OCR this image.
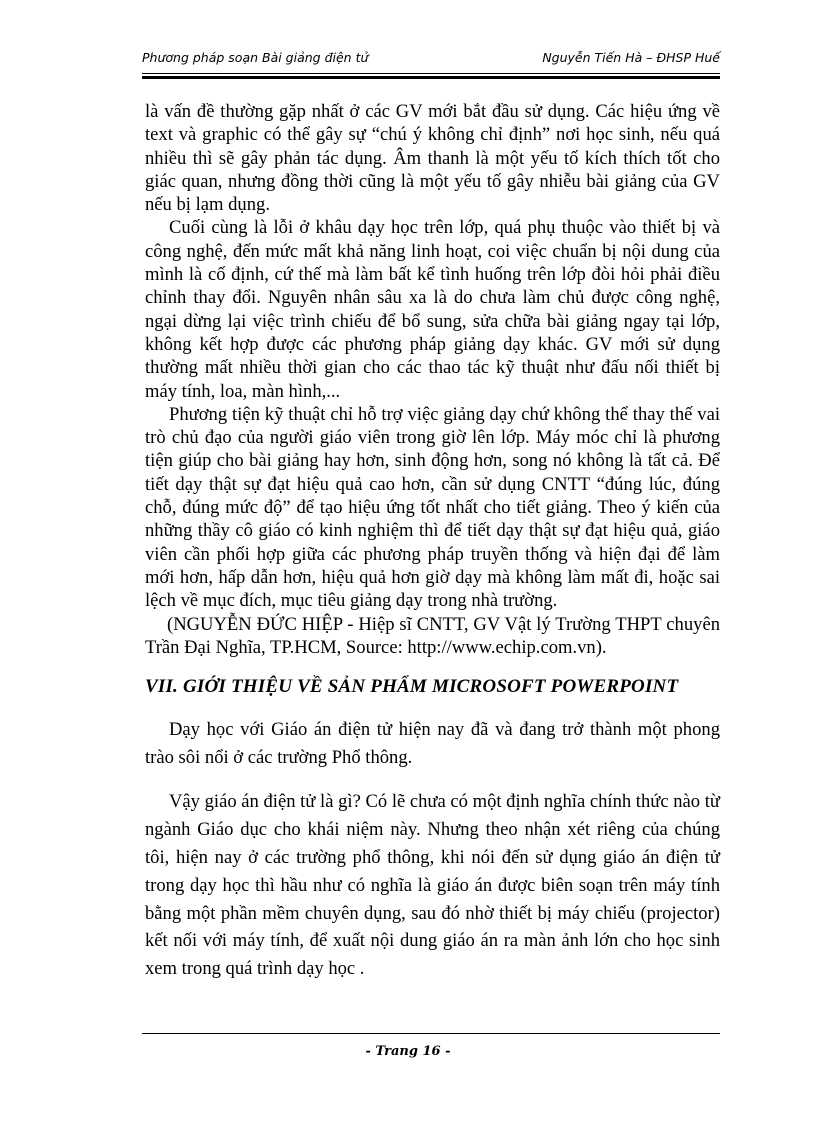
Phương pháp soạn Bài giảng điện tử	Nguyễn Tiến Hà – ĐHSP Huế

là vấn đề thường gặp nhất ở các GV mới bắt đầu sử dụng. Các hiệu ứng về text và graphic có thể gây sự “chú ý không chỉ định” nơi học sinh, nếu quá nhiều thì sẽ gây phản tác dụng. Âm thanh là một yếu tố kích thích tốt cho giác quan, nhưng đồng thời cũng là một yếu tố gây nhiễu bài giảng của GV nếu bị lạm dụng.

Cuối cùng là lỗi ở khâu dạy học trên lớp, quá phụ thuộc vào thiết bị và công nghệ, đến mức mất khả năng linh hoạt, coi việc chuẩn bị nội dung của mình là cố định, cứ thế mà làm bất kể tình huống trên lớp đòi hỏi phải điều chỉnh thay đổi. Nguyên nhân sâu xa là do chưa làm chủ được công nghệ, ngại dừng lại việc trình chiếu để bổ sung, sửa chữa bài giảng ngay tại lớp, không kết hợp được các phương pháp giảng dạy khác. GV mới sử dụng thường mất nhiều thời gian cho các thao tác kỹ thuật như đấu nối thiết bị máy tính, loa, màn hình,...

Phương tiện kỹ thuật chỉ hỗ trợ việc giảng dạy chứ không thể thay thế vai trò chủ đạo của người giáo viên trong giờ lên lớp. Máy móc chỉ là phương tiện giúp cho bài giảng hay hơn, sinh động hơn, song nó không là tất cả. Để tiết dạy thật sự đạt hiệu quả cao hơn, cần sử dụng CNTT “đúng lúc, đúng chỗ, đúng mức độ” để tạo hiệu ứng tốt nhất cho tiết giảng. Theo ý kiến của những thầy cô giáo có kinh nghiệm thì để tiết dạy thật sự đạt hiệu quả, giáo viên cần phối hợp giữa các phương pháp truyền thống và hiện đại để làm mới hơn, hấp dẫn hơn, hiệu quả hơn giờ dạy mà không làm mất đi, hoặc sai lệch về mục đích, mục tiêu giảng dạy trong nhà trường.

(NGUYỄN ĐỨC HIỆP - Hiệp sĩ CNTT, GV Vật lý Trường THPT chuyên Trần Đại Nghĩa, TP.HCM, Source: http://www.echip.com.vn).

VII. GIỚI THIỆU VỀ SẢN PHẨM MICROSOFT POWERPOINT

Dạy học với Giáo án điện tử hiện nay đã và đang trở thành một phong trào sôi nổi ở các trường Phổ thông.

Vậy giáo án điện tử là gì? Có lẽ chưa có một định nghĩa chính thức nào từ ngành Giáo dục cho khái niệm này. Nhưng theo nhận xét riêng của chúng tôi, hiện nay ở các trường phổ thông, khi nói đến sử dụng giáo án điện tử trong dạy học thì hầu như có nghĩa là giáo án được biên soạn trên máy tính bằng một phần mềm chuyên dụng, sau đó nhờ thiết bị máy chiếu (projector) kết nối với máy tính, để xuất nội dung giáo án ra màn ảnh lớn cho học sinh xem trong quá trình dạy học .

- Trang 16 -
